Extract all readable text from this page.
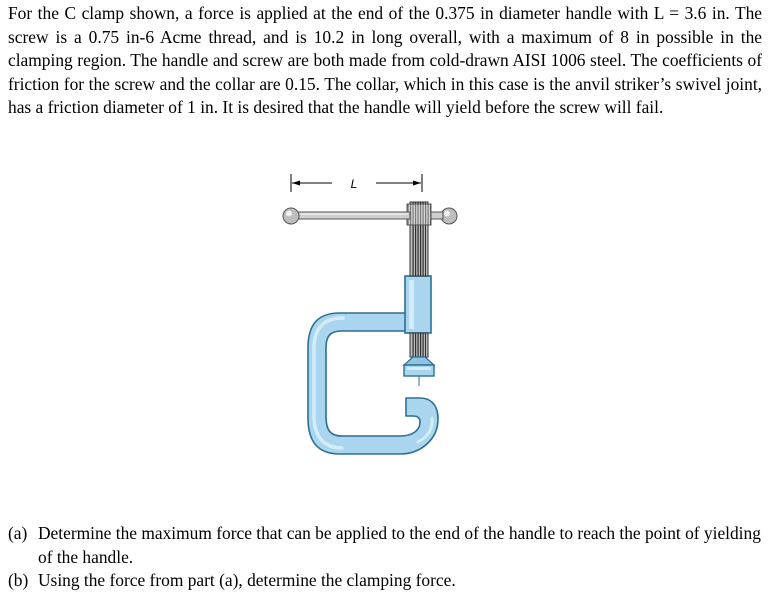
For the C clamp shown, a force is applied at the end of the 0.375 in diameter handle with L = 3.6 in. The screw is a 0.75 in-6 Acme thread, and is 10.2 in long overall, with a maximum of 8 in possible in the clamping region. The handle and screw are both made from cold-drawn AISI 1006 steel. The coefficients of friction for the screw and the collar are 0.15. The collar, which in this case is the anvil striker’s swivel joint, has a friction diameter of 1 in. It is desired that the handle will yield before the screw will fail.

L
(a) Determine the maximum force that can be applied to the end of the handle to reach the point of yielding of the handle.
(b) Using the force from part (a), determine the clamping force.
